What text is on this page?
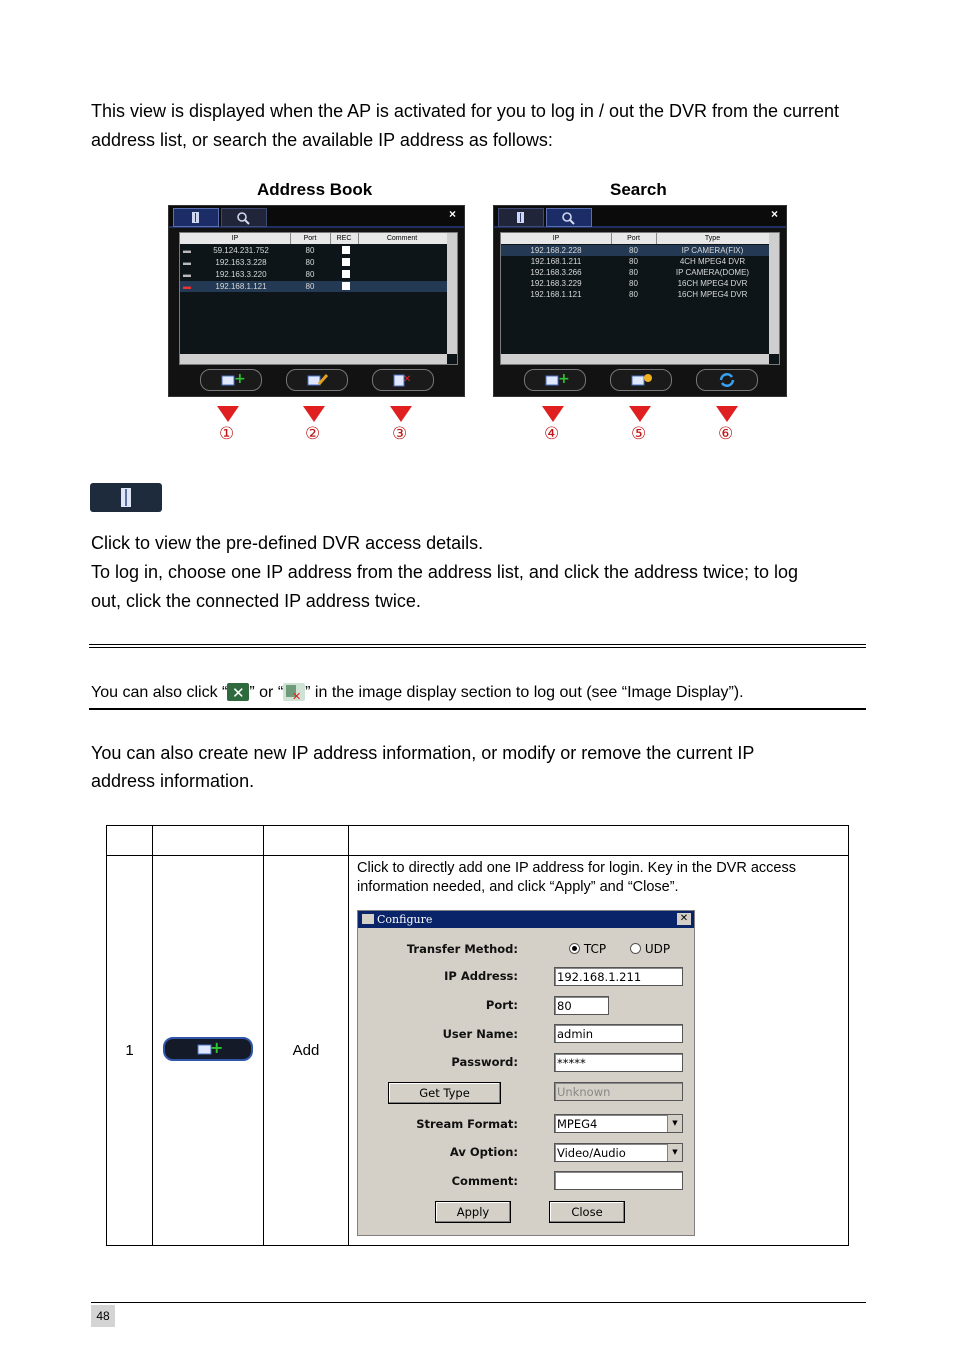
This view is displayed when the AP is activated for you to log in / out the DVR from the current address list, or search the available IP address as follows:
Address Book
×
IP	Port	REC	Comment
▬	59.124.231.752	80
▬	192.163.3.228	80
▬	192.163.3.220	80
▬	192.168.1.121	80
+	✕
Search
×
IP	Port	Type
192.168.2.228	80	IP CAMERA(FIX)
192.168.1.211	80	4CH MPEG4 DVR
192.168.3.266	80	IP CAMERA(DOME)
192.168.3.229	80	16CH MPEG4 DVR
192.168.1.121	80	16CH MPEG4 DVR
+
①	②	③	④	⑤	⑥
Click to view the pre-defined DVR access details.
To log in, choose one IP address from the address list, and click the address twice; to log
out, click the connected IP address twice.
You can also click “ ✕ ” or “ ✕ ” in the image display section to log out (see “Image Display”).
You can also create new IP address information, or modify or remove the current IP
address information.

1	+	Add	Click to directly add one IP address for login. Key in the DVR access information needed, and click “Apply” and “Close”.
Configure	✕
Transfer Method:	TCP	UDP
IP Address:	192.168.1.211
Port:	80
User Name:	admin
Password:	*****
Get Type	Unknown
Stream Format:	MPEG4	▼
Av Option:	Video/Audio	▼
Comment:
Apply	Close
48
